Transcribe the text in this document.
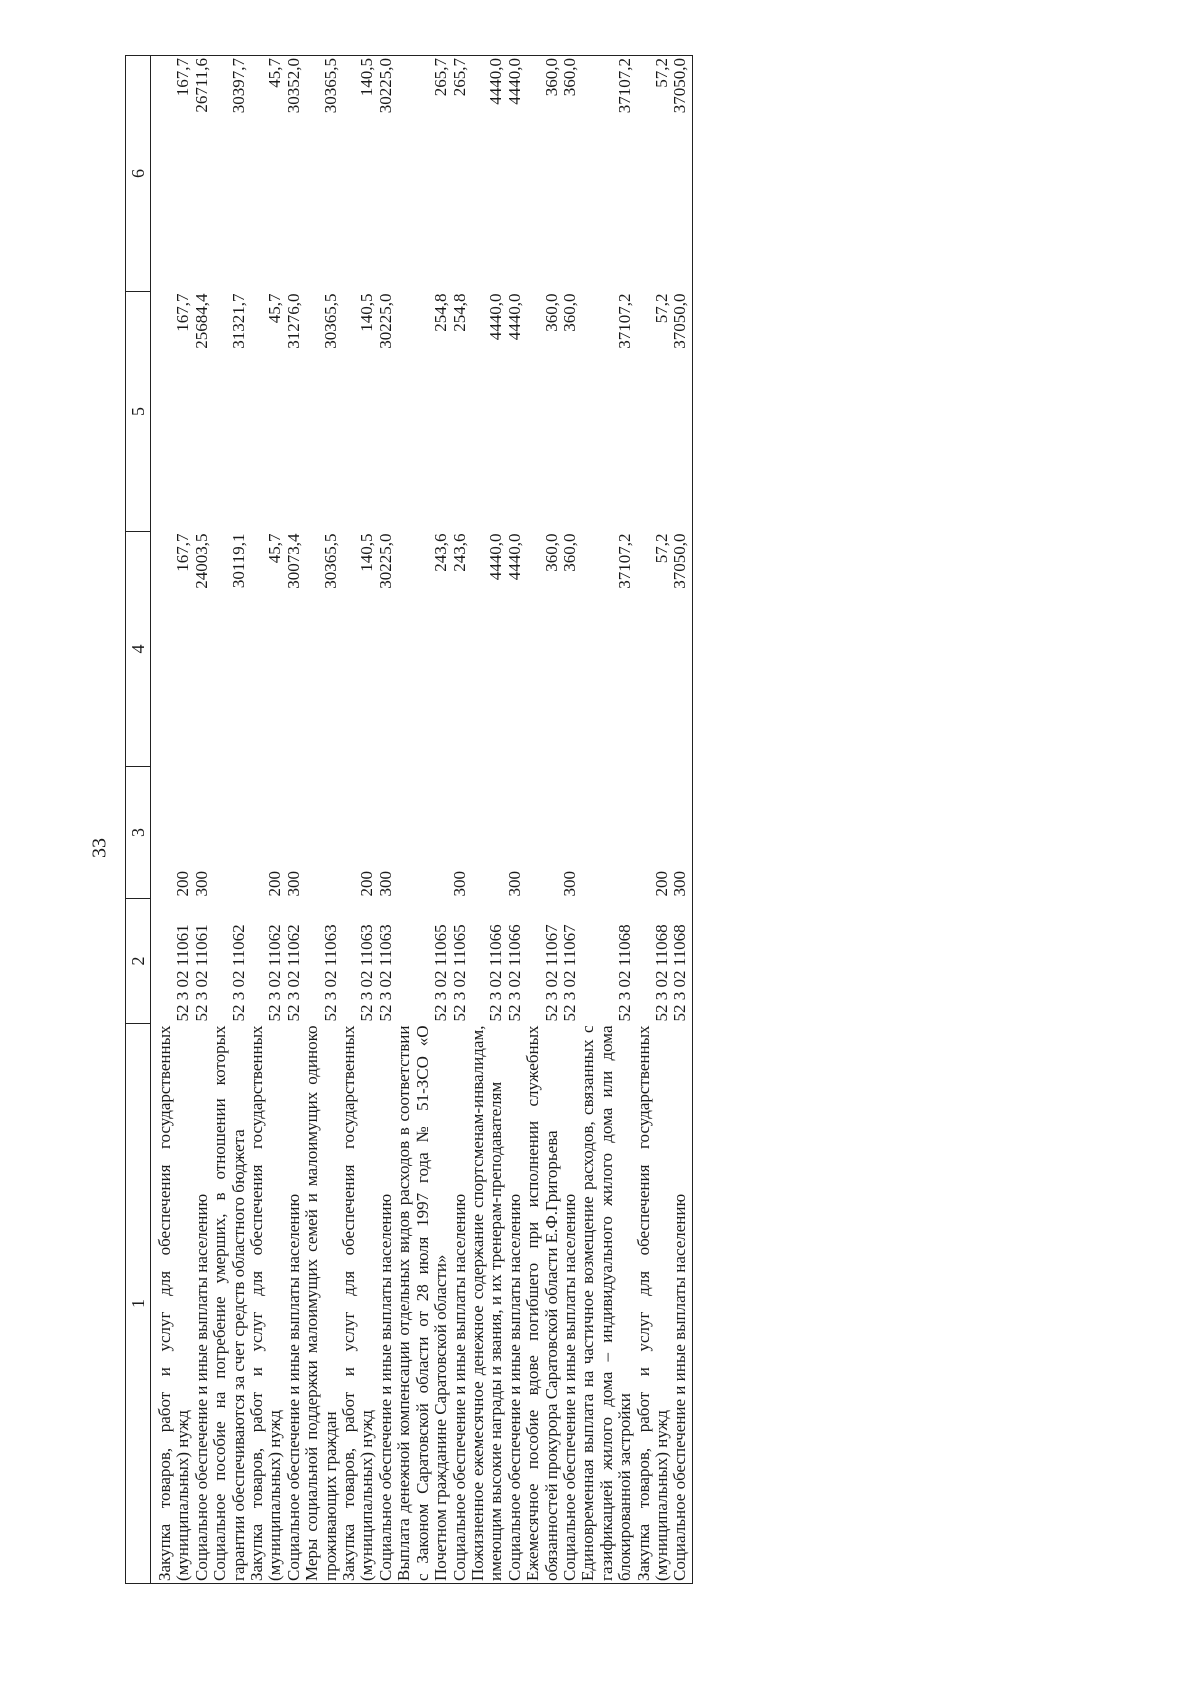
33
1	2	3	4	5	6
Закупка товаров, работ и услуг для обеспечения государственных (муниципальных) нужд	52 3 02 11061	200	167,7	167,7	167,7
Социальное обеспечение и иные выплаты населению	52 3 02 11061	300	24003,5	25684,4	26711,6
Социальное пособие на погребение умерших, в отношении которых гарантии обеспечиваются за счет средств областного бюджета	52 3 02 11062		30119,1	31321,7	30397,7
Закупка товаров, работ и услуг для обеспечения государственных (муниципальных) нужд	52 3 02 11062	200	45,7	45,7	45,7
Социальное обеспечение и иные выплаты населению	52 3 02 11062	300	30073,4	31276,0	30352,0
Меры социальной поддержки малоимущих семей и малоимущих одиноко проживающих граждан	52 3 02 11063		30365,5	30365,5	30365,5
Закупка товаров, работ и услуг для обеспечения государственных (муниципальных) нужд	52 3 02 11063	200	140,5	140,5	140,5
Социальное обеспечение и иные выплаты населению	52 3 02 11063	300	30225,0	30225,0	30225,0
Выплата денежной компенсации отдельных видов расходов в соответствии с Законом Саратовской области от 28 июля 1997 года № 51-ЗСО «О Почетном гражданине Саратовской области»	52 3 02 11065		243,6	254,8	265,7
Социальное обеспечение и иные выплаты населению	52 3 02 11065	300	243,6	254,8	265,7
Пожизненное ежемесячное денежное содержание спортсменам-инвалидам, имеющим высокие награды и звания, и их тренерам-преподавателям	52 3 02 11066		4440,0	4440,0	4440,0
Социальное обеспечение и иные выплаты населению	52 3 02 11066	300	4440,0	4440,0	4440,0
Ежемесячное пособие вдове погибшего при исполнении служебных обязанностей прокурора Саратовской области Е.Ф.Григорьева	52 3 02 11067		360,0	360,0	360,0
Социальное обеспечение и иные выплаты населению	52 3 02 11067	300	360,0	360,0	360,0
Единовременная выплата на частичное возмещение расходов, связанных с газификацией жилого дома – индивидуального жилого дома или дома блокированной застройки	52 3 02 11068		37107,2	37107,2	37107,2
Закупка товаров, работ и услуг для обеспечения государственных (муниципальных) нужд	52 3 02 11068	200	57,2	57,2	57,2
Социальное обеспечение и иные выплаты населению	52 3 02 11068	300	37050,0	37050,0	37050,0
